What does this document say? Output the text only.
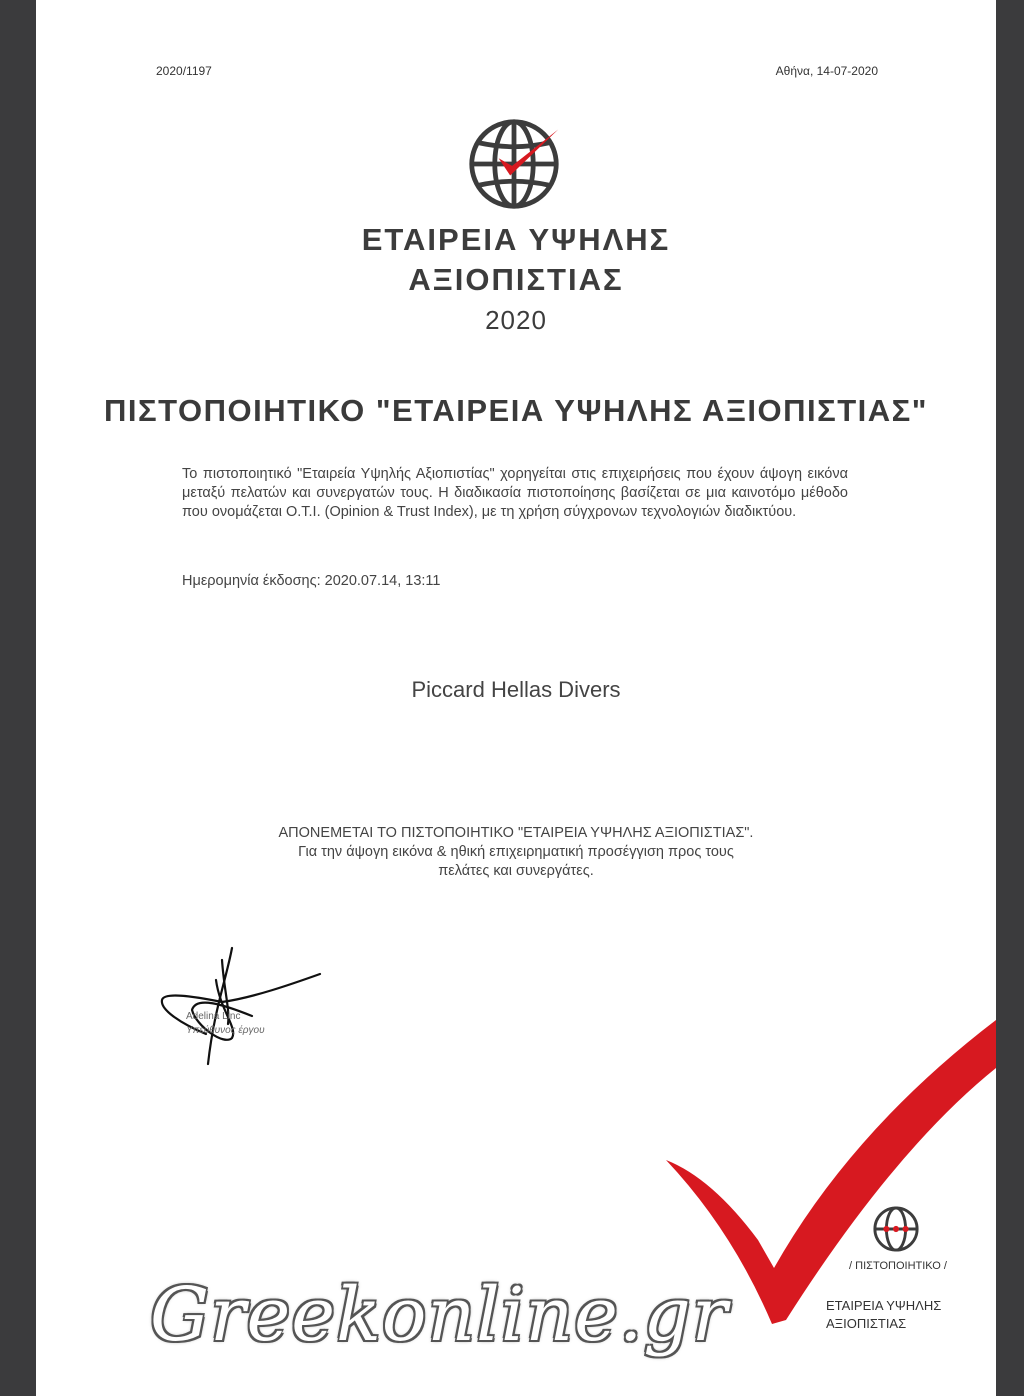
2020/1197	Αθήνα, 14-07-2020
ΕΤΑΙΡΕΙΑ ΥΨΗΛΗΣ
ΑΞΙΟΠΙΣΤΙΑΣ
2020
ΠΙΣΤΟΠΟΙΗΤΙΚΟ "ΕΤΑΙΡΕΙΑ ΥΨΗΛΗΣ ΑΞΙΟΠΙΣΤΙΑΣ"

Το πιστοποιητικό "Εταιρεία Υψηλής Αξιοπιστίας" χορηγείται στις επιχειρήσεις που έχουν άψογη εικόνα μεταξύ πελατών και συνεργατών τους. Η διαδικασία πιστοποίησης βασίζεται σε μια καινοτόμο μέθοδο που ονομάζεται O.T.I. (Opinion & Trust Index), με τη χρήση σύγχρονων τεχνολογιών διαδικτύου.

Ημερομηνία έκδοσης: 2020.07.14, 13:11
Piccard Hellas Divers

ΑΠΟΝΕΜΕΤΑΙ ΤΟ ΠΙΣΤΟΠΟΙΗΤΙΚΟ "ΕΤΑΙΡΕΙΑ ΥΨΗΛΗΣ ΑΞΙΟΠΙΣΤΙΑΣ".

Για την άψογη εικόνα & ηθική επιχειρηματική προσέγγιση προς τους

πελάτες και συνεργάτες.

Adelina Linc
Υπεύθυνος έργου
/ ΠΙΣΤΟΠΟΙΗΤΙΚΟ /
ΕΤΑΙΡΕΙΑ ΥΨΗΛΗΣ
ΑΞΙΟΠΙΣΤΙΑΣ
Greekonline.gr
